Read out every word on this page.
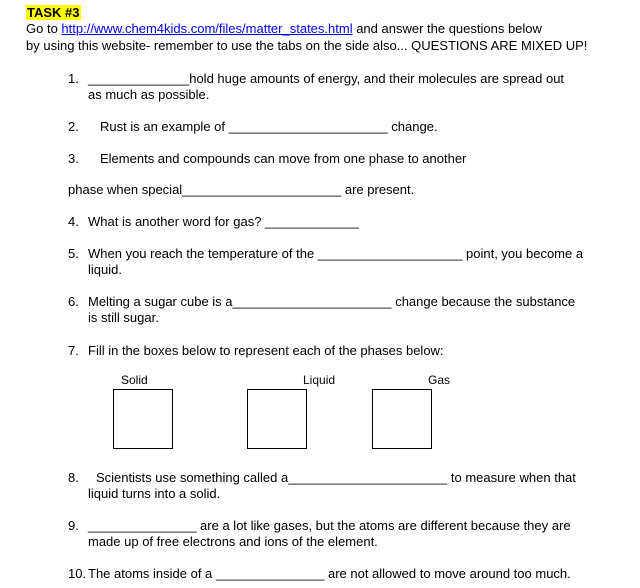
TASK #3
Go to http://www.chem4kids.com/files/matter_states.html and answer the questions below
by using this website- remember to use the tabs on the side also... QUESTIONS ARE MIXED UP!
1. ______________hold huge amounts of energy, and their molecules are spread out
as much as possible.
2. Rust is an example of ______________________ change.
3. Elements and compounds can move from one phase to another
phase when special______________________ are present.
4. What is another word for gas? _____________
5. When you reach the temperature of the ____________________ point, you become a
liquid.
6. Melting a sugar cube is a______________________ change because the substance
is still sugar.
7. Fill in the boxes below to represent each of the phases below:
Solid	Liquid	Gas
8. Scientists use something called a______________________ to measure when that
liquid turns into a solid.
9. _______________ are a lot like gases, but the atoms are different because they are
made up of free electrons and ions of the element.
10. The atoms inside of a _______________ are not allowed to move around too much.
